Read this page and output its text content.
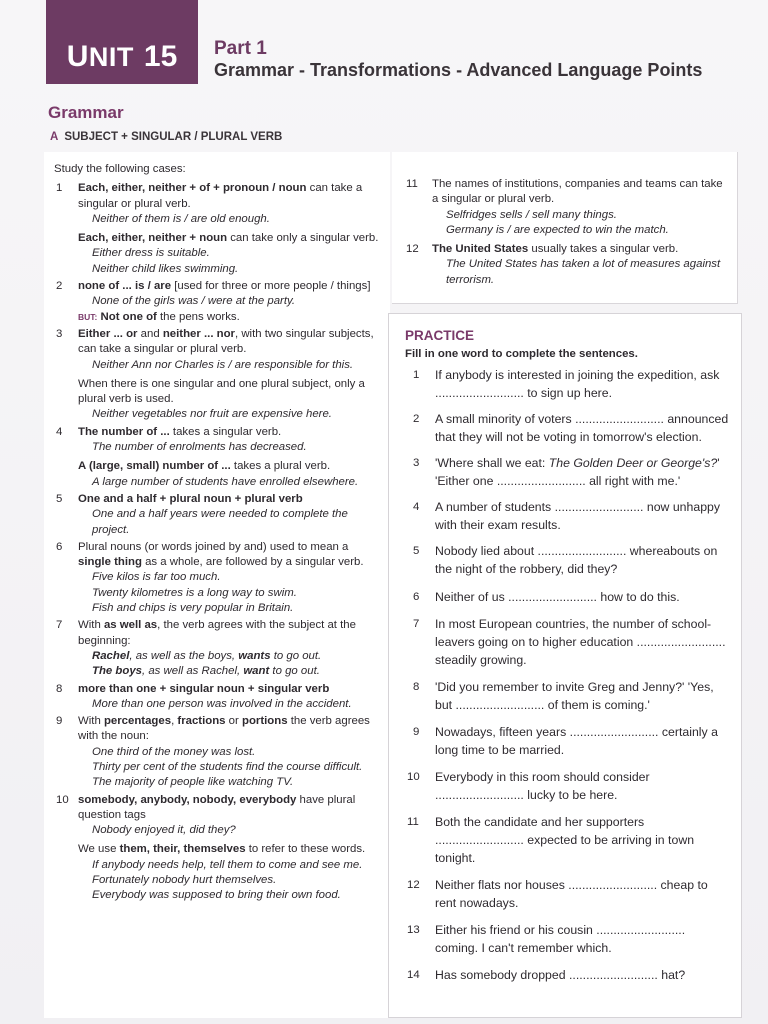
UNIT 15 Part 1
Grammar - Transformations - Advanced Language Points
Grammar
A SUBJECT + SINGULAR / PLURAL VERB
Study the following cases:
1 Each, either, neither + of + pronoun / noun can take a singular or plural verb.

Neither of them is / are old enough.

Each, either, neither + noun can take only a singular verb.

Either dress is suitable.

Neither child likes swimming.

2 none of ... is / are [used for three or more people / things]

None of the girls was / were at the party.

BUT: Not one of the pens works.

3 Either ... or and neither ... nor, with two singular subjects, can take a singular or plural verb.

Neither Ann nor Charles is / are responsible for this.

When there is one singular and one plural subject, only a plural verb is used.

Neither vegetables nor fruit are expensive here.

4 The number of ... takes a singular verb.

The number of enrolments has decreased.

A (large, small) number of ... takes a plural verb.

A large number of students have enrolled elsewhere.

5 One and a half + plural noun + plural verb

One and a half years were needed to complete the project.

6 Plural nouns (or words joined by and) used to mean a single thing as a whole, are followed by a singular verb.

Five kilos is far too much.

Twenty kilometres is a long way to swim.

Fish and chips is very popular in Britain.

7 With as well as, the verb agrees with the subject at the beginning:

Rachel, as well as the boys, wants to go out.

The boys, as well as Rachel, want to go out.

8 more than one + singular noun + singular verb

More than one person was involved in the accident.

9 With percentages, fractions or portions the verb agrees with the noun:

One third of the money was lost.

Thirty per cent of the students find the course difficult.

The majority of people like watching TV.

10 somebody, anybody, nobody, everybody have plural question tags

Nobody enjoyed it, did they?

We use them, their, themselves to refer to these words.

If anybody needs help, tell them to come and see me.

Fortunately nobody hurt themselves.

Everybody was supposed to bring their own food.

11 The names of institutions, companies and teams can take a singular or plural verb.

Selfridges sells / sell many things.

Germany is / are expected to win the match.

12 The United States usually takes a singular verb.

The United States has taken a lot of measures against terrorism.

PRACTICE
Fill in one word to complete the sentences.
1 If anybody is interested in joining the expedition, ask .......................... to sign up here.
2 A small minority of voters .......................... announced that they will not be voting in tomorrow's election.
3 'Where shall we eat: The Golden Deer or George's?' 'Either one .......................... all right with me.'
4 A number of students .......................... now unhappy with their exam results.
5 Nobody lied about .......................... whereabouts on the night of the robbery, did they?
6 Neither of us .......................... how to do this.
7 In most European countries, the number of school-leavers going on to higher education .......................... steadily growing.
8 'Did you remember to invite Greg and Jenny?' 'Yes, but .......................... of them is coming.'
9 Nowadays, fifteen years .......................... certainly a long time to be married.
10 Everybody in this room should consider .......................... lucky to be here.
11 Both the candidate and her supporters .......................... expected to be arriving in town tonight.
12 Neither flats nor houses .......................... cheap to rent nowadays.
13 Either his friend or his cousin .......................... coming. I can't remember which.
14 Has somebody dropped .......................... hat?
